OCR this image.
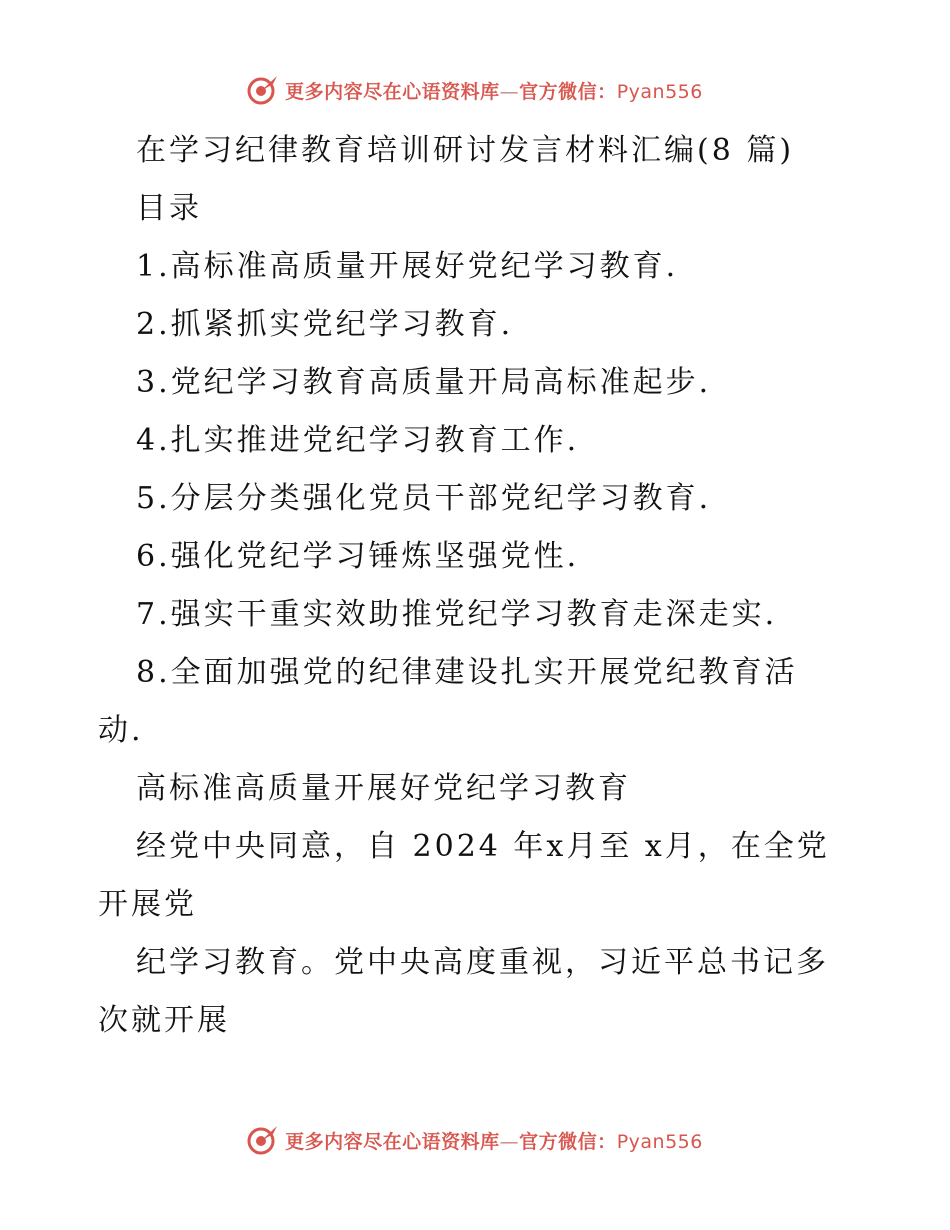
更多内容尽在心语资料库—官方微信：Pyan556
在学习纪律教育培训研讨发言材料汇编(8 篇)
目录
1.高标准高质量开展好党纪学习教育.
2.抓紧抓实党纪学习教育.
3.党纪学习教育高质量开局高标准起步.
4.扎实推进党纪学习教育工作.
5.分层分类强化党员干部党纪学习教育.
6.强化党纪学习锤炼坚强党性.
7.强实干重实效助推党纪学习教育走深走实.
8.全面加强党的纪律建设扎实开展党纪教育活
动.
高标准高质量开展好党纪学习教育
经党中央同意，自 2024 年x月至 x月，在全党
开展党
纪学习教育。党中央高度重视，习近平总书记多
次就开展
更多内容尽在心语资料库—官方微信：Pyan556
